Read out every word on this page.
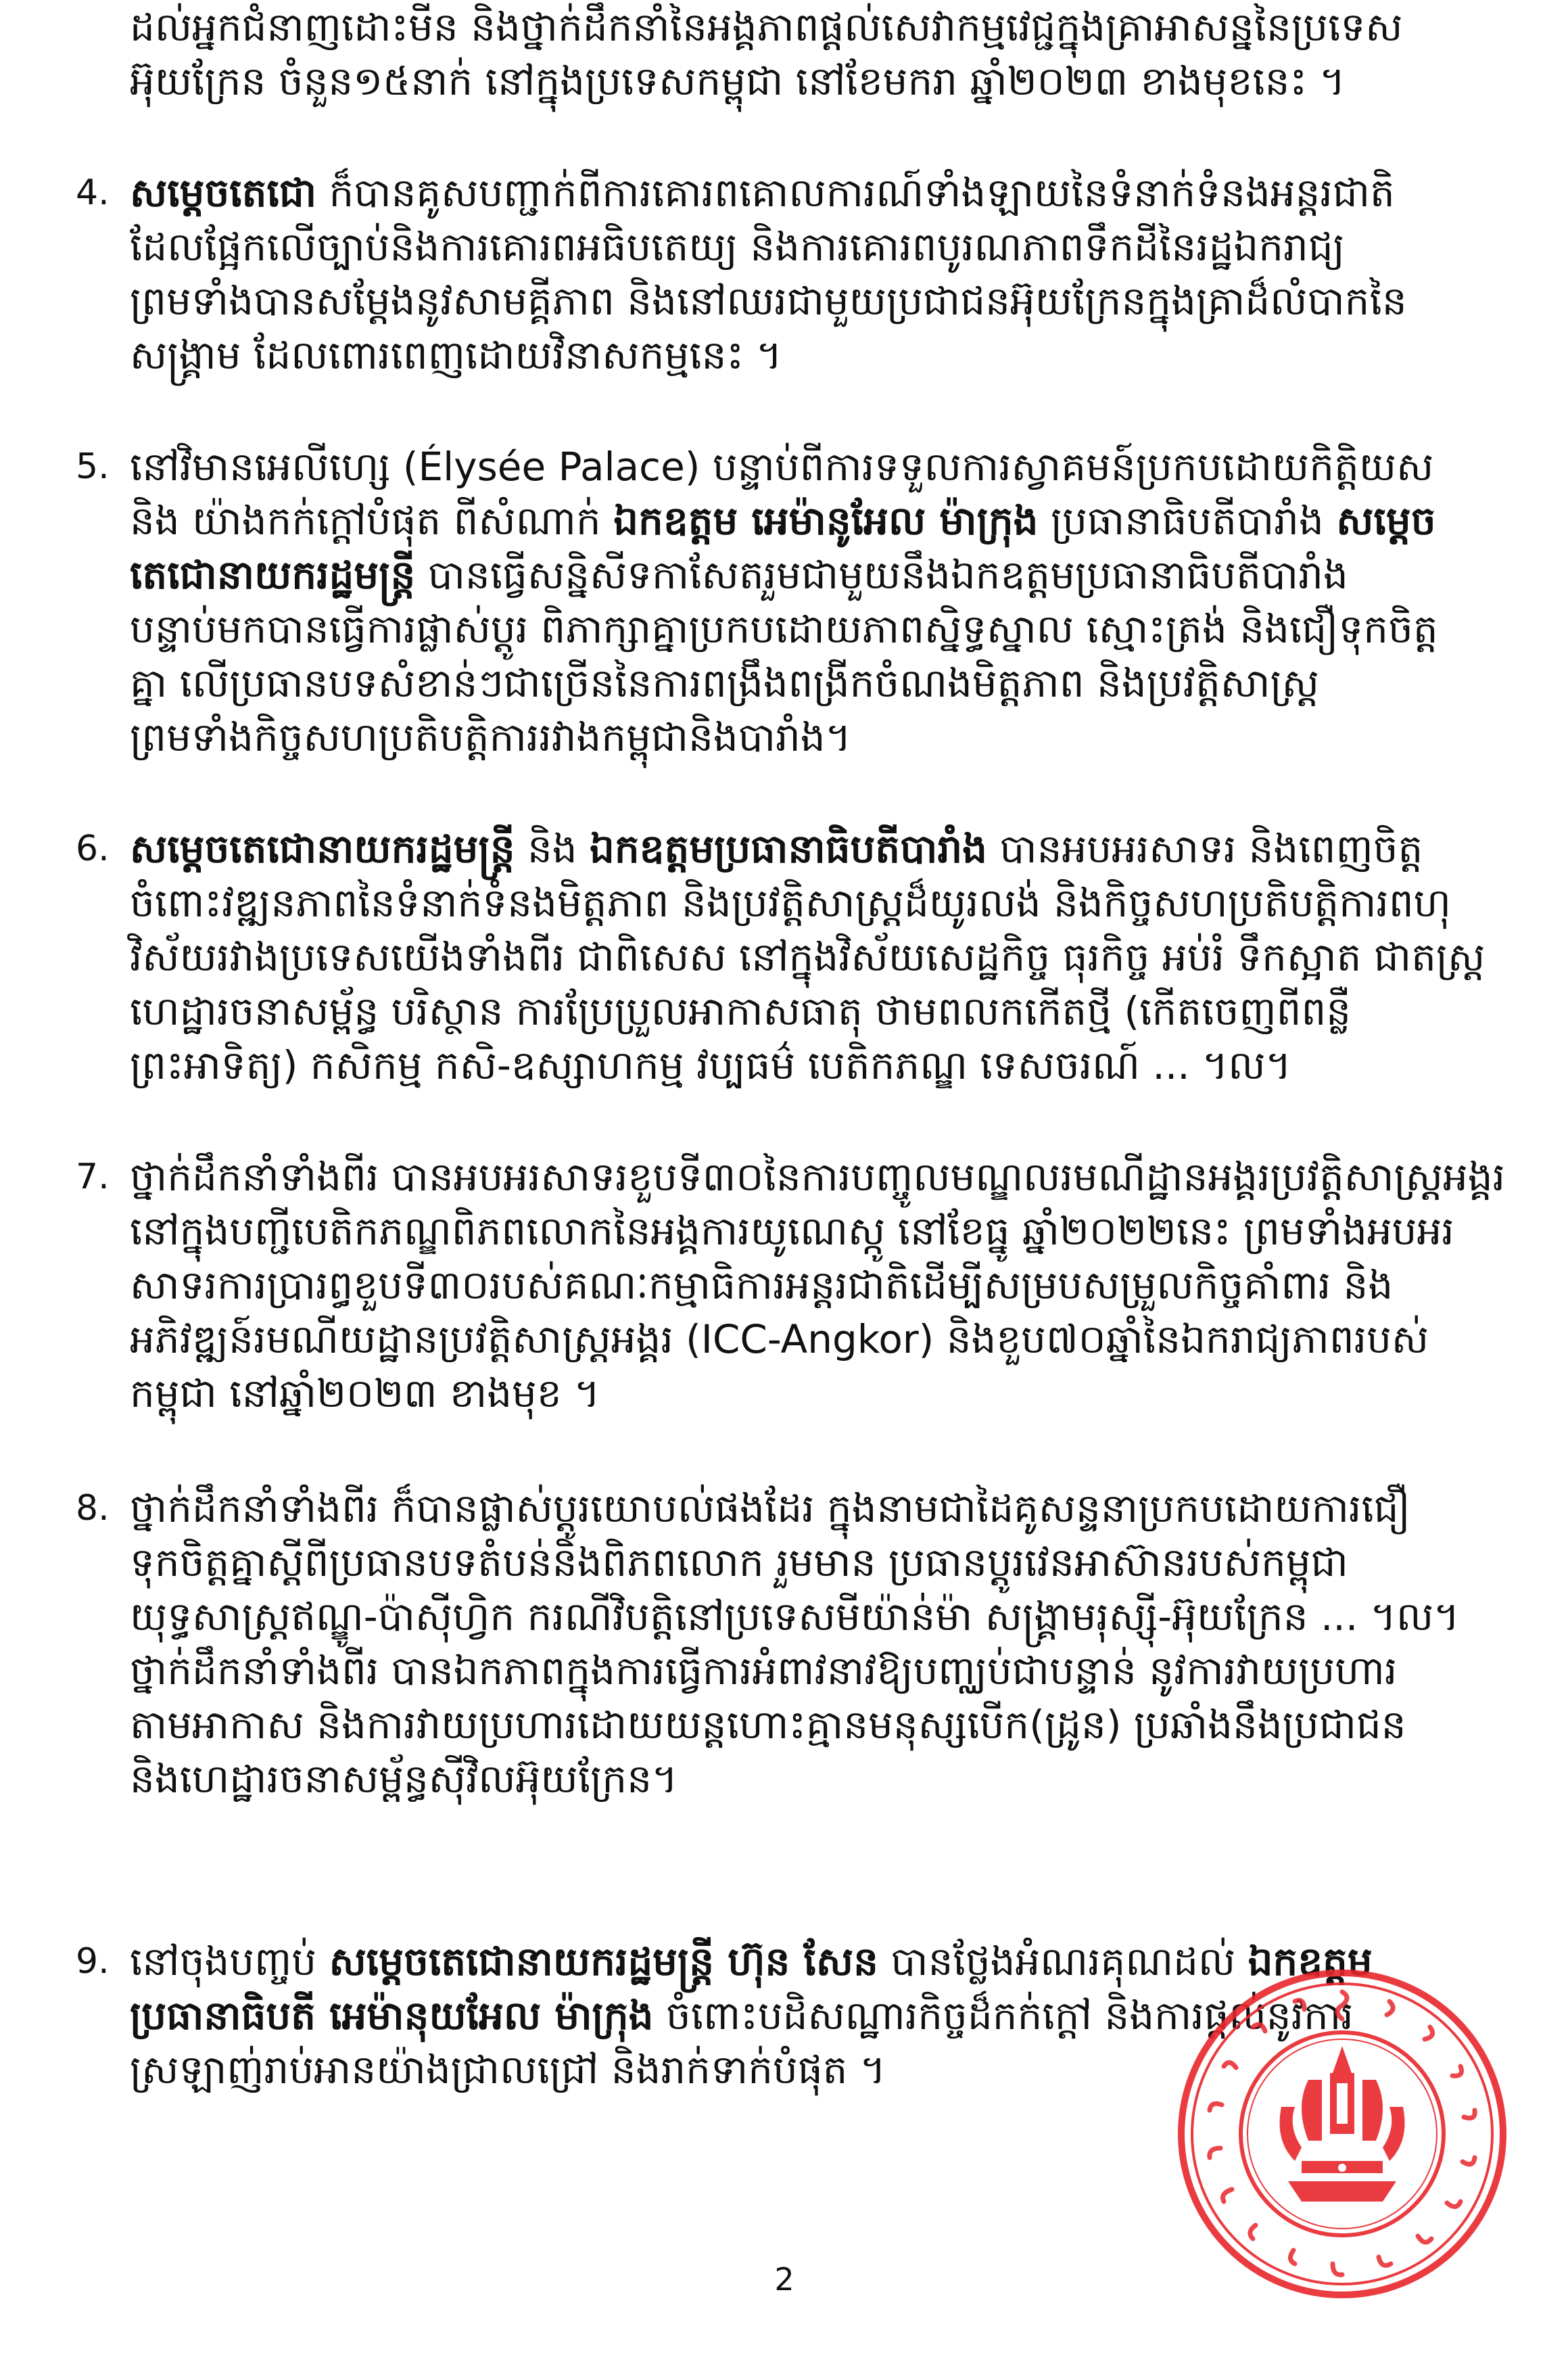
ដល់អ្នកជំនាញដោះមីន និងថ្នាក់ដឹកនាំនៃអង្គភាពផ្ដល់សេវាកម្មវេជ្ជក្នុងគ្រាអាសន្ននៃប្រទេស
អ៊ុយក្រែន ចំនួន១៥នាក់ នៅក្នុងប្រទេសកម្ពុជា នៅខែមករា ឆ្នាំ២០២៣ ខាងមុខនេះ ។
4. សម្ដេចតេជោ ក៏បានគូសបញ្ជាក់ពីការគោរពគោលការណ៍ទាំងឡាយនៃទំនាក់ទំនងអន្តរជាតិ
ដែលផ្អែកលើច្បាប់និងការគោរពអធិបតេយ្យ និងការគោរពបូរណភាពទឹកដីនៃរដ្ឋឯករាជ្យ
ព្រមទាំងបានសម្ដែងនូវសាមគ្គីភាព និងនៅឈរជាមួយប្រជាជនអ៊ុយក្រែនក្នុងគ្រាដ៏លំបាកនៃ
សង្គ្រាម ដែលពោរពេញដោយវិនាសកម្មនេះ ។
5. នៅវិមានអេលីហ្សេ (Élysée Palace) បន្ទាប់ពីការទទួលការស្វាគមន៍ប្រកបដោយកិត្តិយស
និង យ៉ាងកក់ក្ដៅបំផុត ពីសំណាក់ ឯកឧត្តម អេម៉ានូអែល ម៉ាក្រុង ប្រធានាធិបតីបារាំង សម្ដេច
តេជោនាយករដ្ឋមន្ត្រី បានធ្វើសន្និសីទកាសែតរួមជាមួយនឹងឯកឧត្តមប្រធានាធិបតីបារាំង
បន្ទាប់មកបានធ្វើការផ្លាស់ប្ដូរ ពិភាក្សាគ្នាប្រកបដោយភាពស្និទ្ធស្នាល ស្មោះត្រង់ និងជឿទុកចិត្ត
គ្នា លើប្រធានបទសំខាន់ៗជាច្រើននៃការពង្រឹងពង្រីកចំណងមិត្តភាព និងប្រវត្តិសាស្ត្រ
ព្រមទាំងកិច្ចសហប្រតិបត្តិការរវាងកម្ពុជានិងបារាំង។
6. សម្ដេចតេជោនាយករដ្ឋមន្ត្រី និង ឯកឧត្តមប្រធានាធិបតីបារាំង បានអបអរសាទរ និងពេញចិត្ត
ចំពោះវឌ្ឍនភាពនៃទំនាក់ទំនងមិត្តភាព និងប្រវត្តិសាស្ត្រដ៏យូរលង់ និងកិច្ចសហប្រតិបត្តិការពហុ
វិស័យរវាងប្រទេសយើងទាំងពីរ ជាពិសេស នៅក្នុងវិស័យសេដ្ឋកិច្ច ធុរកិច្ច អប់រំ ទឹកស្អាត ជាតស្ត្រ
ហេដ្ឋារចនាសម្ព័ន្ធ បរិស្ថាន ការប្រែប្រួលអាកាសធាតុ ថាមពលកកើតថ្មី (កើតចេញពីពន្លឺ
ព្រះអាទិត្យ) កសិកម្ម កសិ-ឧស្សាហកម្ម វប្បធម៌ បេតិកភណ្ឌ ទេសចរណ៍ ... ។ល។
7. ថ្នាក់ដឹកនាំទាំងពីរ បានអបអរសាទរខួបទី៣០នៃការបញ្ចូលមណ្ឌលរមណីដ្ឋានអង្គរប្រវត្តិសាស្ត្រអង្គរ
នៅក្នុងបញ្ជីបេតិកភណ្ឌពិភពលោកនៃអង្គការយូណេស្កូ នៅខែធ្នូ ឆ្នាំ២០២២នេះ ព្រមទាំងអបអរ
សាទរការប្រារព្ធខួបទី៣០របស់គណៈកម្មាធិការអន្តរជាតិដើម្បីសម្របសម្រួលកិច្ចគាំពារ និង
អភិវឌ្ឍន៍រមណីយដ្ឋានប្រវត្តិសាស្ត្រអង្គរ (ICC-Angkor) និងខួប៧០ឆ្នាំនៃឯករាជ្យភាពរបស់
កម្ពុជា នៅឆ្នាំ២០២៣ ខាងមុខ ។
8. ថ្នាក់ដឹកនាំទាំងពីរ ក៏បានផ្លាស់ប្ដូរយោបល់ផងដែរ ក្នុងនាមជាដៃគូសន្ទនាប្រកបដោយការជឿ
ទុកចិត្តគ្នាស្ដីពីប្រធានបទតំបន់និងពិភពលោក រួមមាន ប្រធានប្ដូរវេនអាស៊ានរបស់កម្ពុជា
យុទ្ធសាស្ត្រឥណ្ឌូ-ប៉ាស៊ីហ្វិក ករណីវិបត្តិនៅប្រទេសមីយ៉ាន់ម៉ា សង្គ្រាមរុស្ស៊ី-អ៊ុយក្រែន ... ។ល។
ថ្នាក់ដឹកនាំទាំងពីរ បានឯកភាពក្នុងការធ្វើការអំពាវនាវឱ្យបញ្ឈប់ជាបន្ទាន់ នូវការវាយប្រហារ
តាមអាកាស និងការវាយប្រហារដោយយន្តហោះគ្មានមនុស្សបើក(ដ្រូន) ប្រឆាំងនឹងប្រជាជន
និងហេដ្ឋារចនាសម្ព័ន្ធស៊ីវិលអ៊ុយក្រែន។
9. នៅចុងបញ្ចប់ សម្ដេចតេជោនាយករដ្ឋមន្ត្រី ហ៊ុន សែន បានថ្លែងអំណរគុណដល់ ឯកឧត្តម
ប្រធានាធិបតី អេម៉ានុយអែល ម៉ាក្រុង ចំពោះបដិសណ្ឋារកិច្ចដ៏កក់ក្ដៅ និងការផ្ដល់នូវការ
ស្រឡាញ់រាប់អានយ៉ាងជ្រាលជ្រៅ និងរាក់ទាក់បំផុត ។
2
